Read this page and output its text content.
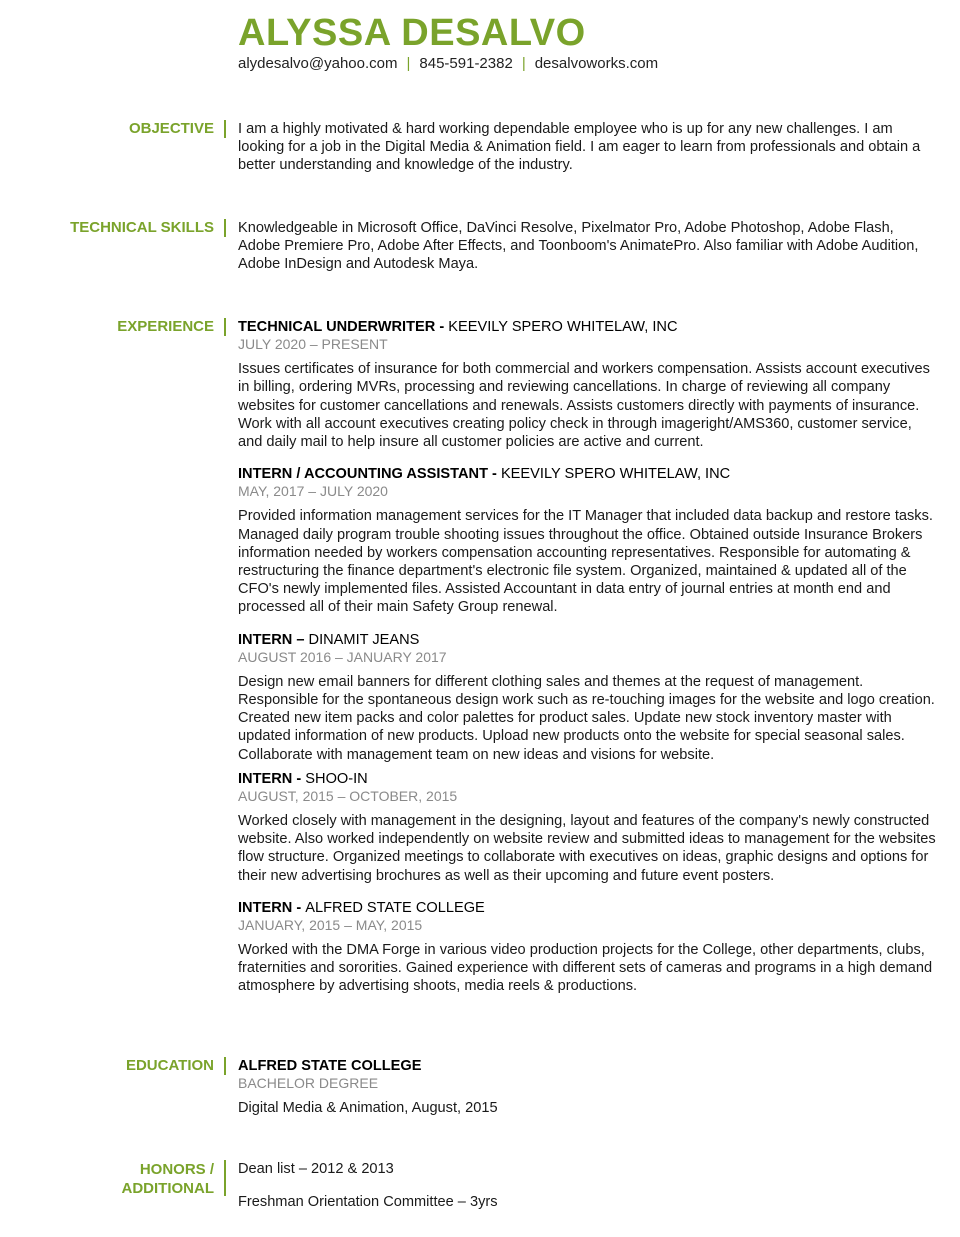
ALYSSA DESALVO
alydesalvo@yahoo.com | 845-591-2382 | desalvoworks.com
OBJECTIVE I am a highly motivated & hard working dependable employee who is up for any new challenges. I am looking for a job in the Digital Media & Animation field. I am eager to learn from professionals and obtain a better understanding and knowledge of the industry.
TECHNICAL SKILLS Knowledgeable in Microsoft Office, DaVinci Resolve, Pixelmator Pro, Adobe Photoshop, Adobe Flash, Adobe Premiere Pro, Adobe After Effects, and Toonboom's AnimatePro. Also familiar with Adobe Audition, Adobe InDesign and Autodesk Maya.
EXPERIENCE TECHNICAL UNDERWRITER - KEEVILY SPERO WHITELAW, INC
JULY 2020 – PRESENT

Issues certificates of insurance for both commercial and workers compensation. Assists account executives in billing, ordering MVRs, processing and reviewing cancellations. In charge of reviewing all company websites for customer cancellations and renewals. Assists customers directly with payments of insurance. Work with all account executives creating policy check in through imageright/AMS360, customer service, and daily mail to help insure all customer policies are active and current.

INTERN / ACCOUNTING ASSISTANT - KEEVILY SPERO WHITELAW, INC
MAY, 2017 – JULY 2020

Provided information management services for the IT Manager that included data backup and restore tasks. Managed daily program trouble shooting issues throughout the office. Obtained outside Insurance Brokers information needed by workers compensation accounting representatives. Responsible for automating & restructuring the finance department's electronic file system. Organized, maintained & updated all of the CFO's newly implemented files. Assisted Accountant in data entry of journal entries at month end and processed all of their main Safety Group renewal.

INTERN – DINAMIT JEANS
AUGUST 2016 – JANUARY 2017

Design new email banners for different clothing sales and themes at the request of management. Responsible for the spontaneous design work such as re-touching images for the website and logo creation. Created new item packs and color palettes for product sales. Update new stock inventory master with updated information of new products. Upload new products onto the website for special seasonal sales. Collaborate with management team on new ideas and visions for website.

INTERN - SHOO-IN
AUGUST, 2015 – OCTOBER, 2015

Worked closely with management in the designing, layout and features of the company's newly constructed website. Also worked independently on website review and submitted ideas to management for the websites flow structure. Organized meetings to collaborate with executives on ideas, graphic designs and options for their new advertising brochures as well as their upcoming and future event posters.

INTERN - ALFRED STATE COLLEGE
JANUARY, 2015 – MAY, 2015

Worked with the DMA Forge in various video production projects for the College, other departments, clubs, fraternities and sororities. Gained experience with different sets of cameras and programs in a high demand atmosphere by advertising shoots, media reels & productions.

EDUCATION ALFRED STATE COLLEGE
BACHELOR DEGREE

Digital Media & Animation, August, 2015

HONORS /
ADDITIONAL
Dean list – 2012 & 2013
Freshman Orientation Committee – 3yrs
